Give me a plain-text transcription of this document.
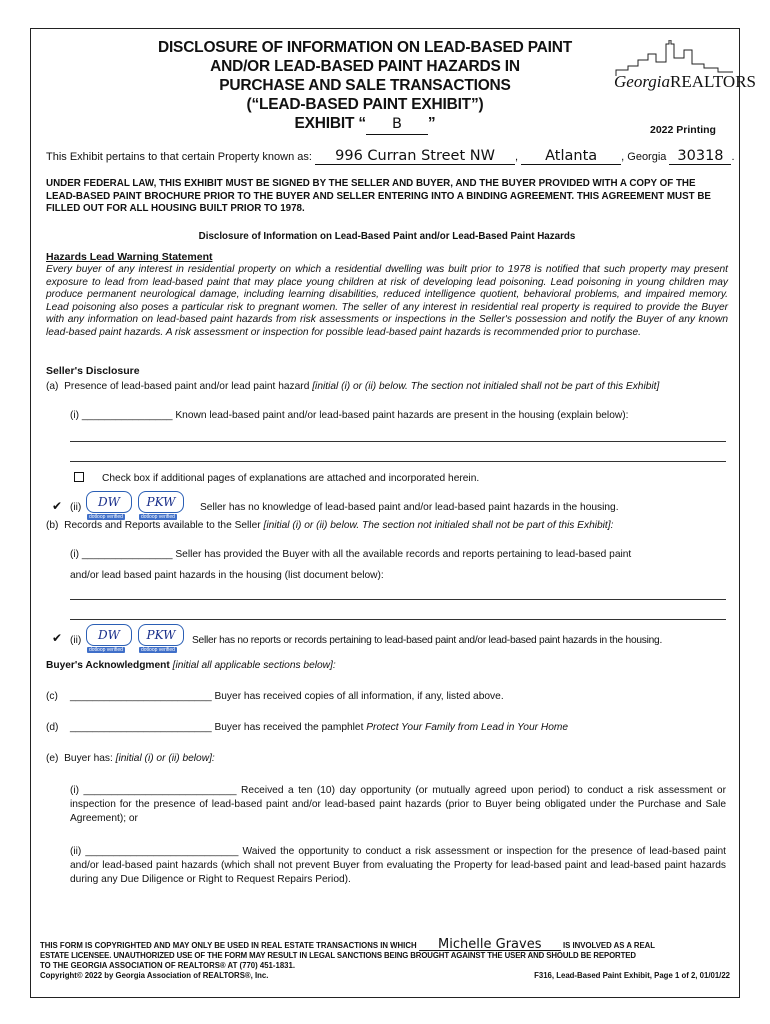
DISCLOSURE OF INFORMATION ON LEAD-BASED PAINT
AND/OR LEAD-BASED PAINT HAZARDS IN
PURCHASE AND SALE TRANSACTIONS
(“LEAD-BASED PAINT EXHIBIT”)
EXHIBIT “ B ”
GeorgiaREALTORS
2022 Printing
This Exhibit pertains to that certain Property known as: 996 Curran Street NW , Atlanta , Georgia 30318 .
UNDER FEDERAL LAW, THIS EXHIBIT MUST BE SIGNED BY THE SELLER AND BUYER, AND THE BUYER PROVIDED WITH A COPY OF THE LEAD-BASED PAINT BROCHURE PRIOR TO THE BUYER AND SELLER ENTERING INTO A BINDING AGREEMENT. THIS AGREEMENT MUST BE FILLED OUT FOR ALL HOUSING BUILT PRIOR TO 1978.
Disclosure of Information on Lead-Based Paint and/or Lead-Based Paint Hazards
Hazards Lead Warning Statement
Every buyer of any interest in residential property on which a residential dwelling was built prior to 1978 is notified that such property may present exposure to lead from lead-based paint that may place young children at risk of developing lead poisoning. Lead poisoning in young children may produce permanent neurological damage, including learning disabilities, reduced intelligence quotient, behavioral problems, and impaired memory. Lead poisoning also poses a particular risk to pregnant women. The seller of any interest in residential real property is required to provide the Buyer with any information on lead-based paint hazards from risk assessments or inspections in the Seller's possession and notify the Buyer of any known lead-based paint hazards. A risk assessment or inspection for possible lead-based paint hazards is recommended prior to purchase.
Seller's Disclosure
(a) Presence of lead-based paint and/or lead paint hazard [initial (i) or (ii) below. The section not initialed shall not be part of this Exhibit]
(i) ________________ Known lead-based paint and/or lead-based paint hazards are present in the housing (explain below):
Check box if additional pages of explanations are attached and incorporated herein.
✔ (ii)	DW
dotloop verified
PKW
dotloop verified
Seller has no knowledge of lead-based paint and/or lead-based paint hazards in the housing.
(b) Records and Reports available to the Seller [initial (i) or (ii) below. The section not initialed shall not be part of this Exhibit]:
(i) ________________ Seller has provided the Buyer with all the available records and reports pertaining to lead-based paint
and/or lead based paint hazards in the housing (list document below):
✔ (ii)	DW
dotloop verified
PKW
dotloop verified
Seller has no reports or records pertaining to lead-based paint and/or lead-based paint hazards in the housing.
Buyer's Acknowledgment [initial all applicable sections below]:
(c) _________________________ Buyer has received copies of all information, if any, listed above.
(d) _________________________ Buyer has received the pamphlet Protect Your Family from Lead in Your Home
(e) Buyer has: [initial (i) or (ii) below]:
(i) ___________________________ Received a ten (10) day opportunity (or mutually agreed upon period) to conduct a risk assessment or inspection for the presence of lead-based paint and/or lead-based paint hazards (prior to Buyer being obligated under the Purchase and Sale Agreement); or
(ii) ___________________________ Waived the opportunity to conduct a risk assessment or inspection for the presence of lead-based paint and/or lead-based paint hazards (which shall not prevent Buyer from evaluating the Property for lead-based paint and lead-based paint hazards during any Due Diligence or Right to Request Repairs Period).
THIS FORM IS COPYRIGHTED AND MAY ONLY BE USED IN REAL ESTATE TRANSACTIONS IN WHICH Michelle Graves	IS INVOLVED AS A REAL
ESTATE LICENSEE. UNAUTHORIZED USE OF THE FORM MAY RESULT IN LEGAL SANCTIONS BEING BROUGHT AGAINST THE USER AND SHOULD BE REPORTED
TO THE GEORGIA ASSOCIATION OF REALTORS® AT (770) 451-1831.
Copyright© 2022 by Georgia Association of REALTORS®, Inc.	F316, Lead-Based Paint Exhibit, Page 1 of 2, 01/01/22
